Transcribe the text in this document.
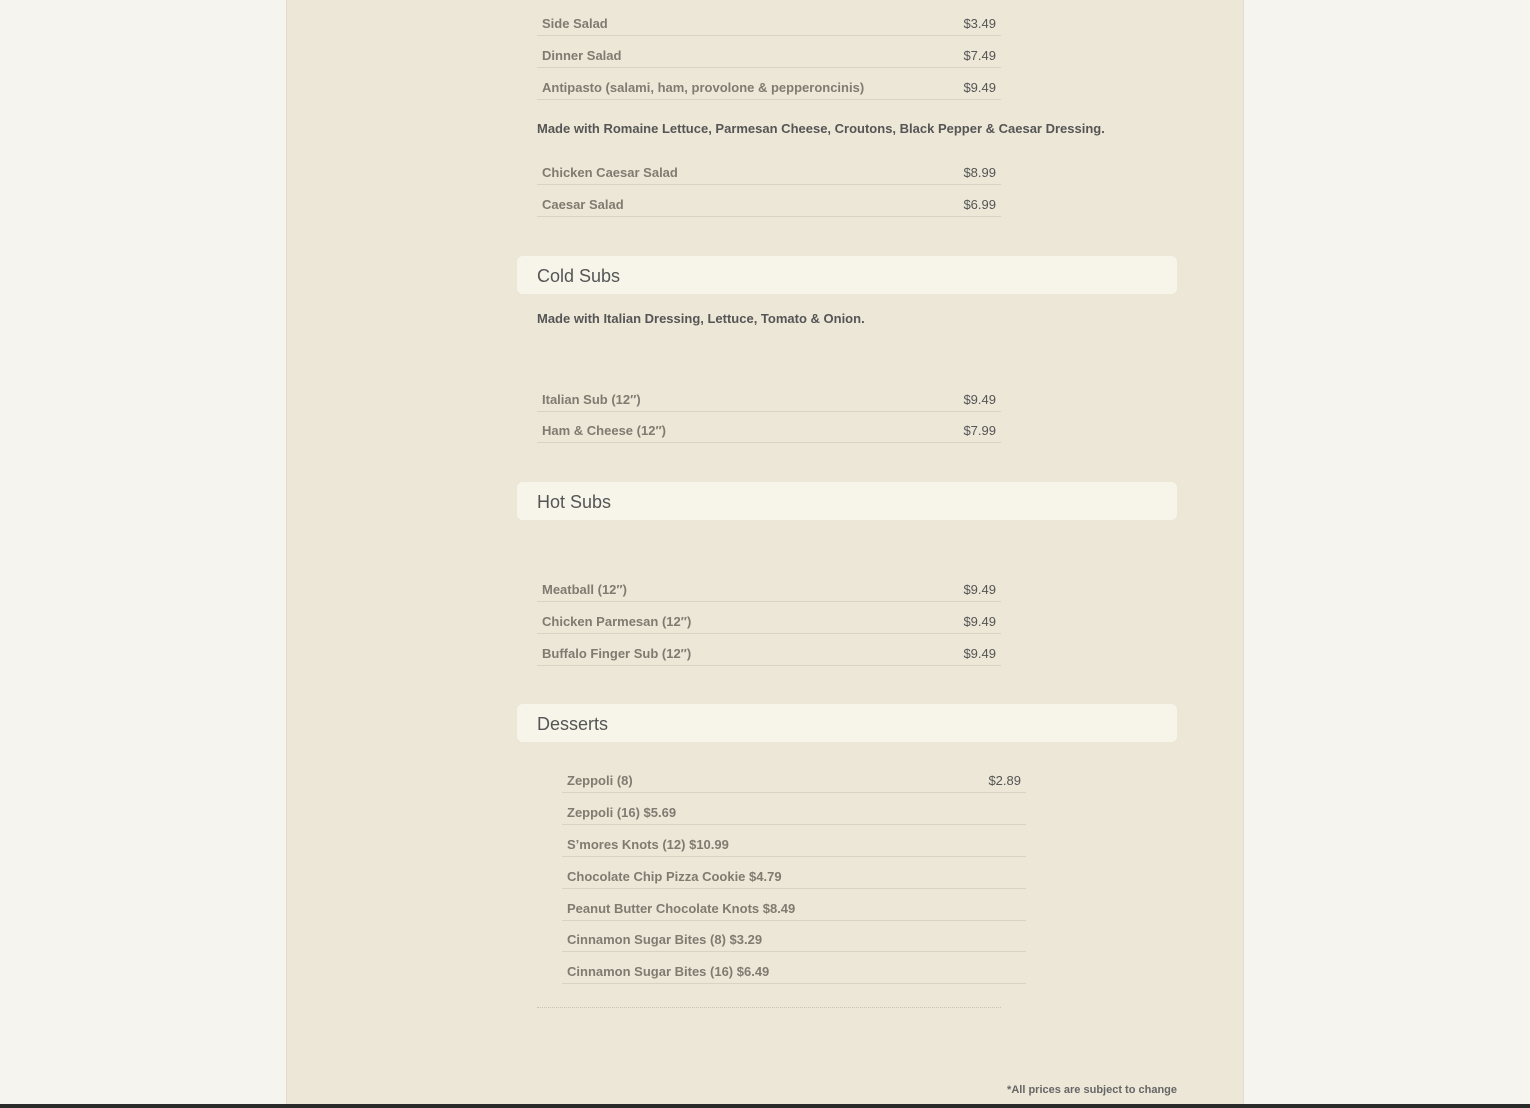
Side Salad	$3.49
Dinner Salad	$7.49
Antipasto (salami, ham, provolone & pepperoncinis)	$9.49
Made with Romaine Lettuce, Parmesan Cheese, Croutons, Black Pepper & Caesar Dressing.
Chicken Caesar Salad	$8.99
Caesar Salad	$6.99
Cold Subs
Made with Italian Dressing, Lettuce, Tomato & Onion.
Italian Sub (12″)	$9.49
Ham & Cheese (12″)	$7.99
Hot Subs
Meatball (12″)	$9.49
Chicken Parmesan (12″)	$9.49
Buffalo Finger Sub (12″)	$9.49
Desserts
Zeppoli (8)	$2.89
Zeppoli (16) $5.69
S’mores Knots (12) $10.99
Chocolate Chip Pizza Cookie $4.79
Peanut Butter Chocolate Knots $8.49
Cinnamon Sugar Bites (8) $3.29
Cinnamon Sugar Bites (16) $6.49
*All prices are subject to change
